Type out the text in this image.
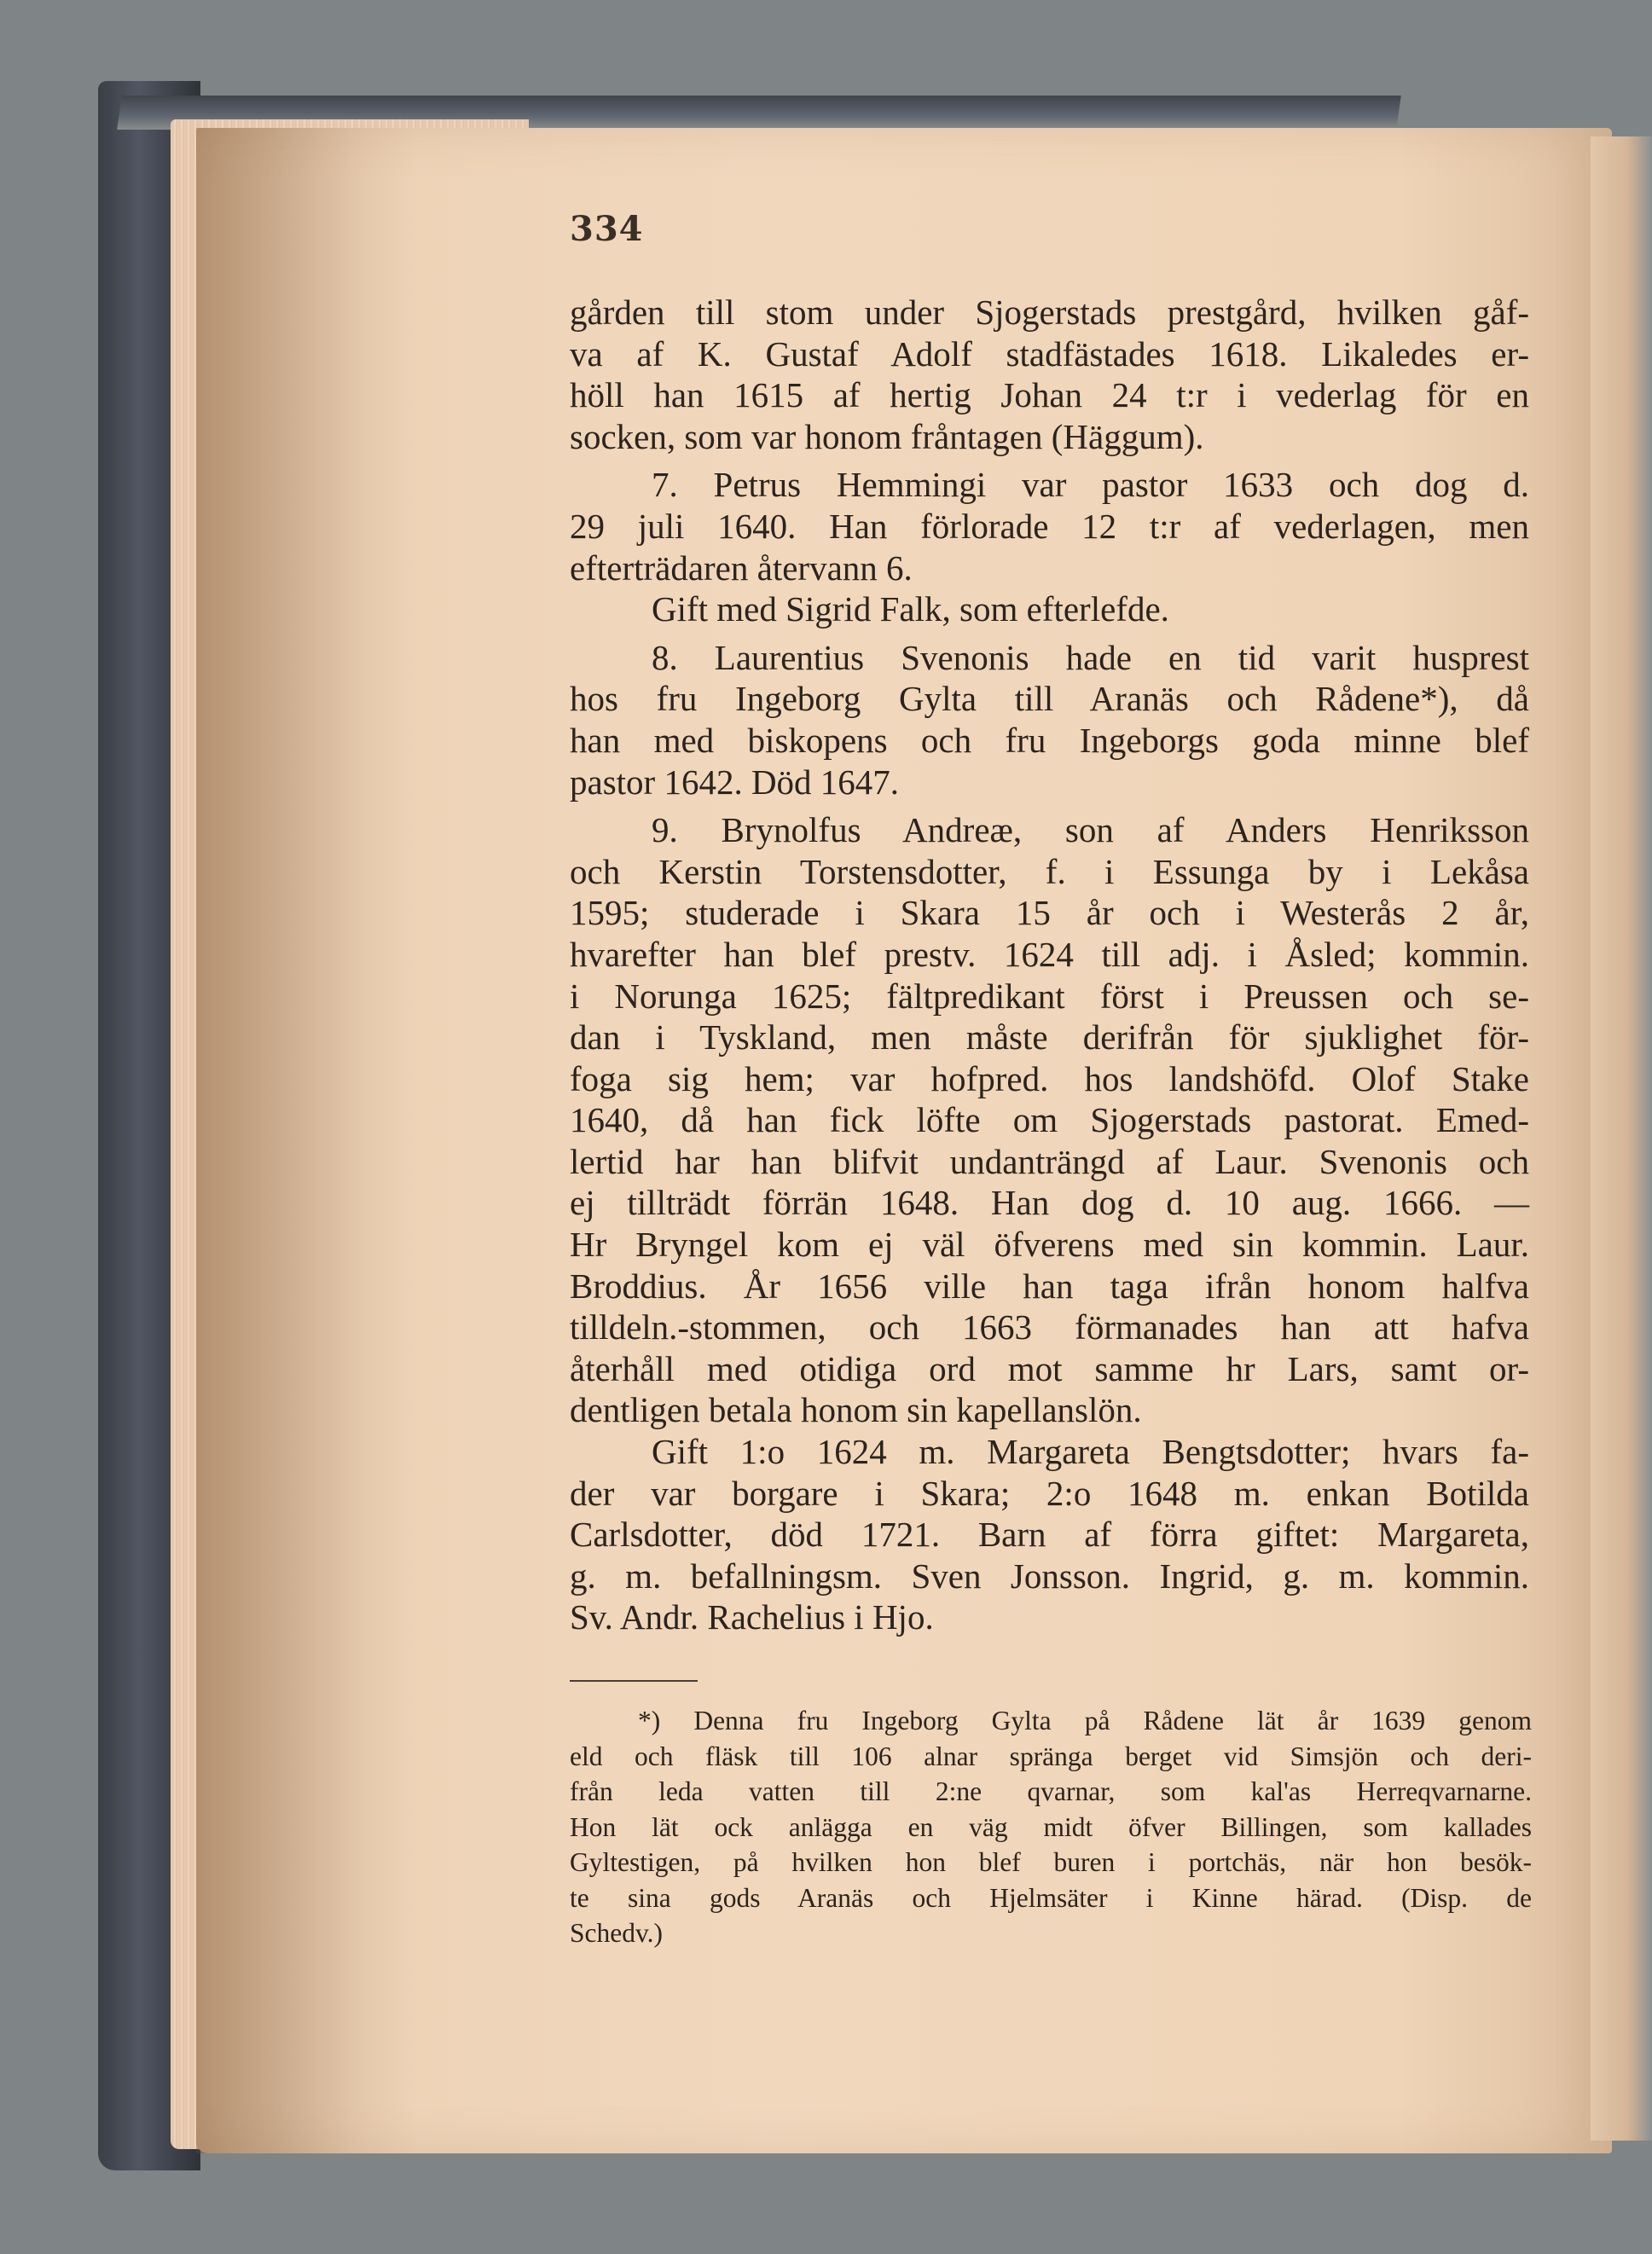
334

gården till stom under Sjogerstads prestgård, hvilken gåf-
va af K. Gustaf Adolf stadfästades 1618. Likaledes er-
höll han 1615 af hertig Johan 24 t:r i vederlag för en
socken, som var honom fråntagen (Häggum).
7. Petrus Hemmingi var pastor 1633 och dog d.
29 juli 1640. Han förlorade 12 t:r af vederlagen, men
efterträdaren återvann 6.
Gift med Sigrid Falk, som efterlefde.
8. Laurentius Svenonis hade en tid varit husprest
hos fru Ingeborg Gylta till Aranäs och Rådene*), då
han med biskopens och fru Ingeborgs goda minne blef
pastor 1642. Död 1647.
9. Brynolfus Andreæ, son af Anders Henriksson
och Kerstin Torstensdotter, f. i Essunga by i Lekåsa
1595; studerade i Skara 15 år och i Westerås 2 år,
hvarefter han blef prestv. 1624 till adj. i Åsled; kommin.
i Norunga 1625; fältpredikant först i Preussen och se-
dan i Tyskland, men måste derifrån för sjuklighet för-
foga sig hem; var hofpred. hos landshöfd. Olof Stake
1640, då han fick löfte om Sjogerstads pastorat. Emed-
lertid har han blifvit undanträngd af Laur. Svenonis och
ej tillträdt förrän 1648. Han dog d. 10 aug. 1666. —
Hr Bryngel kom ej väl öfverens med sin kommin. Laur.
Broddius. År 1656 ville han taga ifrån honom halfva
tilldeln.-stommen, och 1663 förmanades han att hafva
återhåll med otidiga ord mot samme hr Lars, samt or-
dentligen betala honom sin kapellanslön.
Gift 1:o 1624 m. Margareta Bengtsdotter; hvars fa-
der var borgare i Skara; 2:o 1648 m. enkan Botilda
Carlsdotter, död 1721. Barn af förra giftet: Margareta,
g. m. befallningsm. Sven Jonsson. Ingrid, g. m. kommin.
Sv. Andr. Rachelius i Hjo.
*) Denna fru Ingeborg Gylta på Rådene lät år 1639 genom
eld och fläsk till 106 alnar spränga berget vid Simsjön och deri-
från leda vatten till 2:ne qvarnar, som kal'as Herreqvarnarne.
Hon lät ock anlägga en väg midt öfver Billingen, som kallades
Gyltestigen, på hvilken hon blef buren i portchäs, när hon besök-
te sina gods Aranäs och Hjelmsäter i Kinne härad. (Disp. de
Schedv.)
